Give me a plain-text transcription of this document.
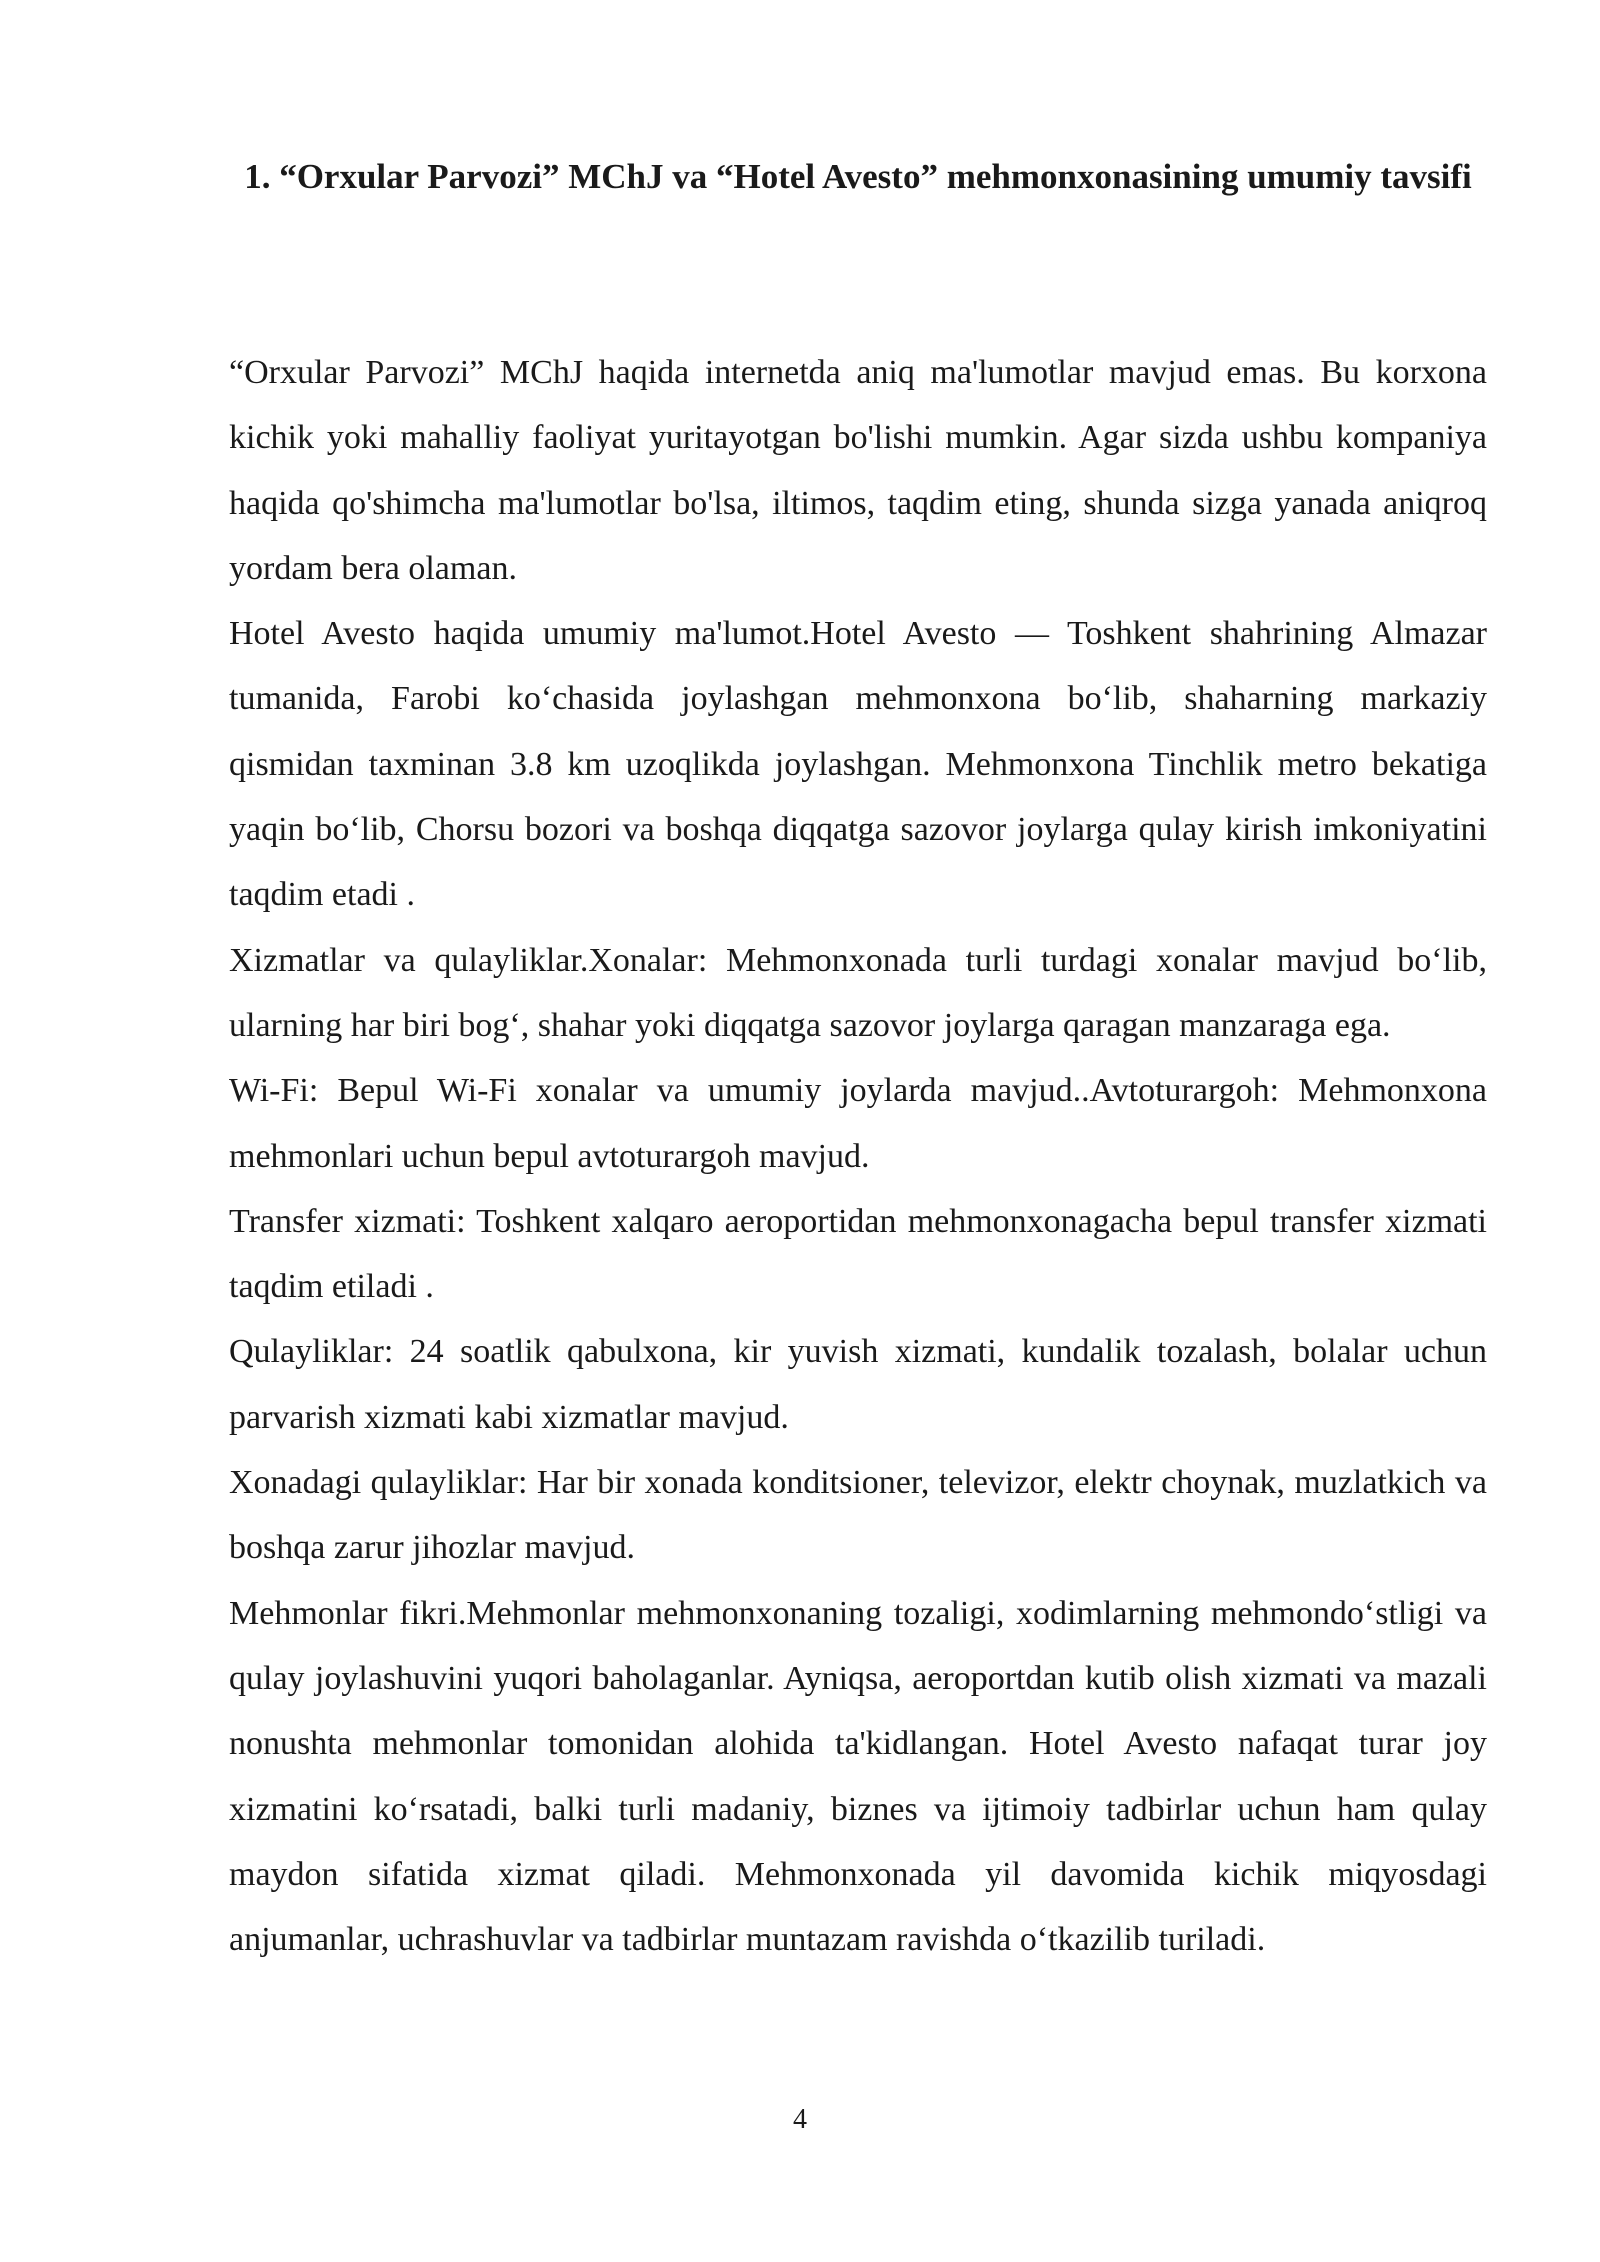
1. “Orxular Parvozi” MChJ va “Hotel Avesto” mehmonxonasining umumiy tavsifi

“Orxular Parvozi” MChJ haqida internetda aniq ma'lumotlar mavjud emas. Bu korxona kichik yoki mahalliy faoliyat yuritayotgan bo'lishi mumkin. Agar sizda ushbu kompaniya haqida qo'shimcha ma'lumotlar bo'lsa, iltimos, taqdim eting, shunda sizga yanada aniqroq yordam bera olaman.

Hotel Avesto haqida umumiy ma'lumot.Hotel Avesto — Toshkent shahrining Almazar tumanida, Farobi ko‘chasida joylashgan mehmonxona bo‘lib, shaharning markaziy qismidan taxminan 3.8 km uzoqlikda joylashgan. Mehmonxona Tinchlik metro bekatiga yaqin bo‘lib, Chorsu bozori va boshqa diqqatga sazovor joylarga qulay kirish imkoniyatini taqdim etadi .

Xizmatlar va qulayliklar.Xonalar: Mehmonxonada turli turdagi xonalar mavjud bo‘lib, ularning har biri bog‘, shahar yoki diqqatga sazovor joylarga qaragan manzaraga ega.

Wi-Fi: Bepul Wi-Fi xonalar va umumiy joylarda mavjud..Avtoturargoh: Mehmonxona mehmonlari uchun bepul avtoturargoh mavjud.

Transfer xizmati: Toshkent xalqaro aeroportidan mehmonxonagacha bepul transfer xizmati taqdim etiladi .

Qulayliklar: 24 soatlik qabulxona, kir yuvish xizmati, kundalik tozalash, bolalar uchun parvarish xizmati kabi xizmatlar mavjud.

Xonadagi qulayliklar: Har bir xonada konditsioner, televizor, elektr choynak, muzlatkich va boshqa zarur jihozlar mavjud.

Mehmonlar fikri.Mehmonlar mehmonxonaning tozaligi, xodimlarning mehmondo‘stligi va qulay joylashuvini yuqori baholaganlar. Ayniqsa, aeroportdan kutib olish xizmati va mazali nonushta mehmonlar tomonidan alohida ta'kidlangan. Hotel Avesto nafaqat turar joy xizmatini ko‘rsatadi, balki turli madaniy, biznes va ijtimoiy tadbirlar uchun ham qulay maydon sifatida xizmat qiladi. Mehmonxonada yil davomida kichik miqyosdagi anjumanlar, uchrashuvlar va tadbirlar muntazam ravishda o‘tkazilib turiladi.

4
